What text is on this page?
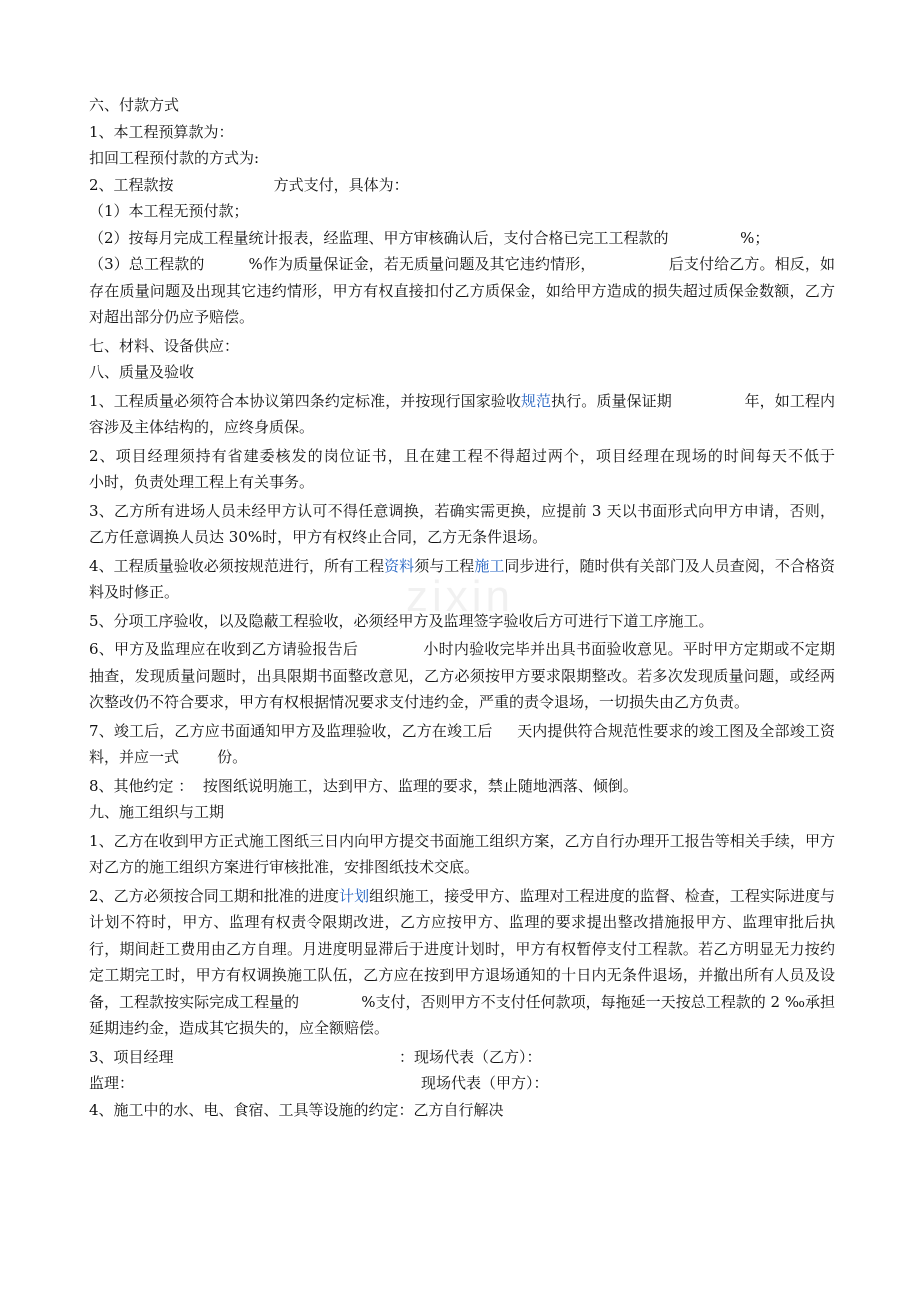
zixin

六、付款方式

1、本工程预算款为：

扣回工程预付款的方式为:

2、工程款按                     方式支付，具体为：

（1）本工程无预付款；

（2）按每月完成工程量统计报表，经监理、甲方审核确认后，支付合格已完工工程款的               %；

（3）总工程款的         %作为质量保证金，若无质量问题及其它违约情形，               后支付给乙方。相反，如存在质量问题及出现其它违约情形，甲方有权直接扣付乙方质保金，如给甲方造成的损失超过质保金数额，乙方对超出部分仍应予赔偿。

七、材料、设备供应：

八、质量及验收

1、工程质量必须符合本协议第四条约定标准，并按现行国家验收规范执行。质量保证期               年，如工程内容涉及主体结构的，应终身质保。

2、项目经理须持有省建委核发的岗位证书，且在建工程不得超过两个，项目经理在现场的时间每天不低于           小时，负责处理工程上有关事务。

3、乙方所有进场人员未经甲方认可不得任意调换，若确实需更换，应提前 3 天以书面形式向甲方申请，否则，乙方任意调换人员达 30%时，甲方有权终止合同，乙方无条件退场。

4、工程质量验收必须按规范进行，所有工程资料须与工程施工同步进行，随时供有关部门及人员查阅，不合格资料及时修正。

5、分项工序验收，以及隐蔽工程验收，必须经甲方及监理签字验收后方可进行下道工序施工。

6、甲方及监理应在收到乙方请验报告后             小时内验收完毕并出具书面验收意见。平时甲方定期或不定期抽查，发现质量问题时，出具限期书面整改意见，乙方必须按甲方要求限期整改。若多次发现质量问题，或经两次整改仍不符合要求，甲方有权根据情况要求支付违约金，严重的责令退场，一切损失由乙方负责。

7、竣工后，乙方应书面通知甲方及监理验收，乙方在竣工后     天内提供符合规范性要求的竣工图及全部竣工资料，并应一式        份。

8、其他约定 ：  按图纸说明施工，达到甲方、监理的要求，禁止随地洒落、倾倒。

九、施工组织与工期

1、乙方在收到甲方正式施工图纸三日内向甲方提交书面施工组织方案，乙方自行办理开工报告等相关手续，甲方对乙方的施工组织方案进行审核批准，安排图纸技术交底。

2、乙方必须按合同工期和批准的进度计划组织施工，接受甲方、监理对工程进度的监督、检查，工程实际进度与计划不符时，甲方、监理有权责令限期改进，乙方应按甲方、监理的要求提出整改措施报甲方、监理审批后执行，期间赶工费用由乙方自理。月进度明显滞后于进度计划时，甲方有权暂停支付工程款。若乙方明显无力按约定工期完工时，甲方有权调换施工队伍，乙方应在按到甲方退场通知的十日内无条件退场，并撤出所有人员及设备，工程款按实际完成工程量的             %支付，否则甲方不支付任何款项，每拖延一天按总工程款的 2 ‰承担延期违约金，造成其它损失的，应全额赔偿。

3、项目经理	：现场代表（乙方）：
监理：	现场代表（甲方）：

4、施工中的水、电、食宿、工具等设施的约定：乙方自行解决
